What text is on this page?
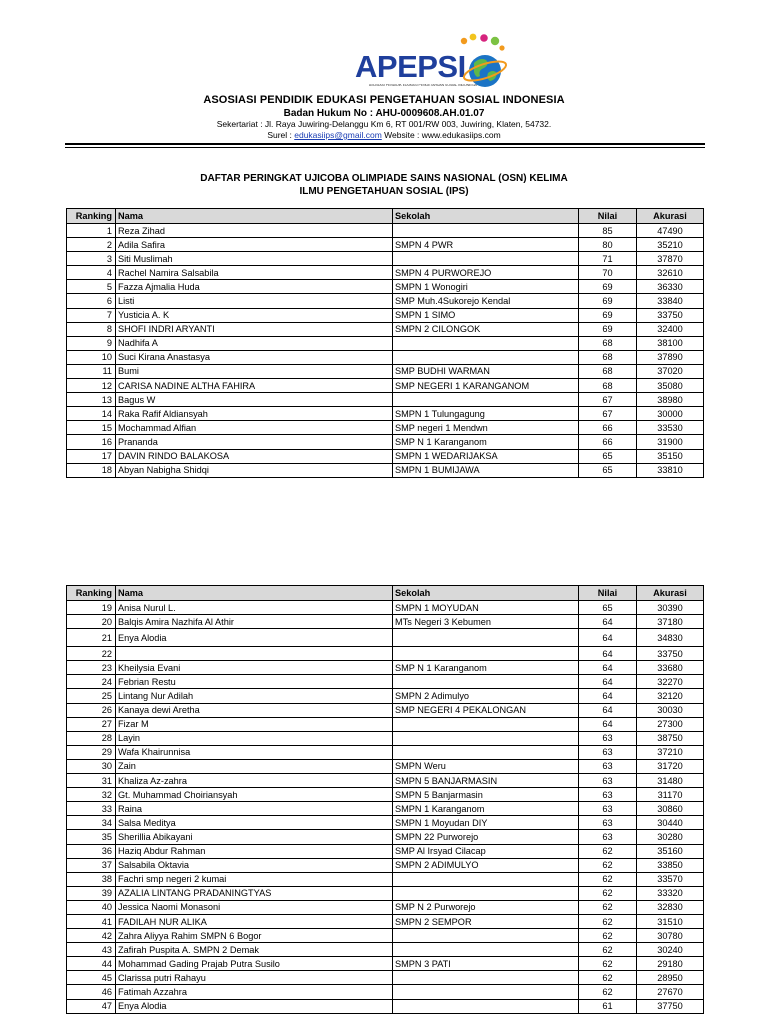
APEPSI
ASOSIASI PENDIDIK EDUKASI PENGETAHUAN SOSIAL INDONESIA
ASOSIASI PENDIDIK EDUKASI PENGETAHUAN SOSIAL INDONESIA
Badan Hukum No : AHU-0009608.AH.01.07
Sekertariat : Jl. Raya Juwiring-Delanggu Km 6, RT 001/RW 003, Juwiring, Klaten, 54732.
Surel : edukasiips@gmail.com Website : www.edukasiips.com
DAFTAR PERINGKAT UJICOBA OLIMPIADE SAINS NASIONAL (OSN) KELIMA
ILMU PENGETAHUAN SOSIAL (IPS)
Ranking	Nama	Sekolah	Nilai	Akurasi
1	Reza Zihad		85	47490
2	Adila Safira	SMPN 4 PWR	80	35210
3	Siti Muslimah		71	37870
4	Rachel Namira Salsabila	SMPN 4 PURWOREJO	70	32610
5	Fazza Ajmalia Huda	SMPN 1 Wonogiri	69	36330
6	Listi	SMP Muh.4Sukorejo Kendal	69	33840
7	Yusticia A. K	SMPN 1 SIMO	69	33750
8	SHOFI INDRI ARYANTI	SMPN 2 CILONGOK	69	32400
9	Nadhifa A		68	38100
10	Suci Kirana Anastasya		68	37890
11	Bumi	SMP BUDHI WARMAN	68	37020
12	CARISA NADINE ALTHA FAHIRA	SMP NEGERI 1 KARANGANOM	68	35080
13	Bagus W		67	38980
14	Raka Rafif Aldiansyah	SMPN 1 Tulungagung	67	30000
15	Mochammad Alfian	SMP negeri 1 Mendwn	66	33530
16	Prananda	SMP N 1 Karanganom	66	31900
17	DAVIN RINDO BALAKOSA	SMPN 1 WEDARIJAKSA	65	35150
18	Abyan Nabigha Shidqi	SMPN 1 BUMIJAWA	65	33810
Ranking	Nama	Sekolah	Nilai	Akurasi
19	Anisa Nurul L.	SMPN 1 MOYUDAN	65	30390
20	Balqis Amira Nazhifa Al Athir	MTs Negeri 3 Kebumen	64	37180
21	Enya Alodia		64	34830
22			64	33750
23	Kheilysia Evani	SMP N 1 Karanganom	64	33680
24	Febrian Restu		64	32270
25	Lintang Nur Adilah	SMPN 2 Adimulyo	64	32120
26	Kanaya dewi Aretha	SMP NEGERI 4 PEKALONGAN	64	30030
27	Fizar M		64	27300
28	Layin		63	38750
29	Wafa Khairunnisa		63	37210
30	Zain	SMPN Weru	63	31720
31	Khaliza Az-zahra	SMPN 5 BANJARMASIN	63	31480
32	Gt. Muhammad Choiriansyah	SMPN 5 Banjarmasin	63	31170
33	Raina	SMPN 1 Karanganom	63	30860
34	Salsa Meditya	SMPN 1 Moyudan DIY	63	30440
35	Sherillia Abikayani	SMPN 22 Purworejo	63	30280
36	Haziq Abdur Rahman	SMP Al Irsyad Cilacap	62	35160
37	Salsabila Oktavia	SMPN 2 ADIMULYO	62	33850
38	Fachri smp negeri 2 kumai		62	33570
39	AZALIA LINTANG PRADANINGTYAS		62	33320
40	Jessica Naomi Monasoni	SMP N 2 Purworejo	62	32830
41	FADILAH NUR ALIKA	SMPN 2 SEMPOR	62	31510
42	Zahra Aliyya Rahim SMPN 6 Bogor		62	30780
43	Zafirah Puspita A. SMPN 2 Demak		62	30240
44	Mohammad Gading Prajab Putra Susilo	SMPN 3 PATI	62	29180
45	Clarissa putri Rahayu		62	28950
46	Fatimah Azzahra		62	27670
47	Enya Alodia		61	37750
